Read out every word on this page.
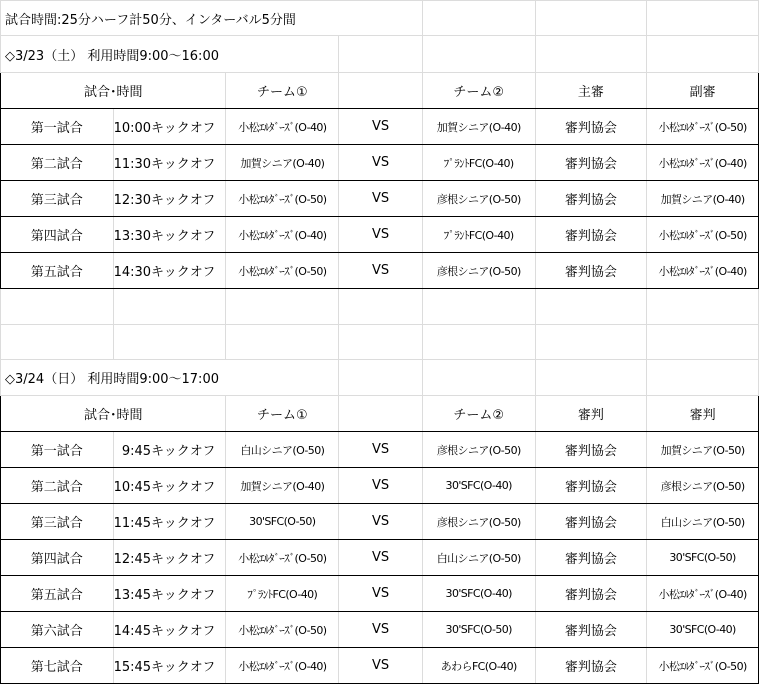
試合時間:25分ハーフ計50分、インターバル5分間						
◇3/23（土） 利用時間9:00～16:00						
試合･時間		チーム①		チーム②	主審	副審
第一試合	10:00キックオフ	小松ｴﾙﾀﾞｰｽﾞ(O-40)	VS	加賀シニア(O-40)	審判協会	小松ｴﾙﾀﾞｰｽﾞ(O-50)
第二試合	11:30キックオフ	加賀シニア(O-40)	VS	ﾌﾟﾗﾝﾄFC(O-40)	審判協会	小松ｴﾙﾀﾞｰｽﾞ(O-40)
第三試合	12:30キックオフ	小松ｴﾙﾀﾞｰｽﾞ(O-50)	VS	彦根シニア(O-50)	審判協会	加賀シニア(O-40)
第四試合	13:30キックオフ	小松ｴﾙﾀﾞｰｽﾞ(O-40)	VS	ﾌﾟﾗﾝﾄFC(O-40)	審判協会	小松ｴﾙﾀﾞｰｽﾞ(O-50)
第五試合	14:30キックオフ	小松ｴﾙﾀﾞｰｽﾞ(O-50)	VS	彦根シニア(O-50)	審判協会	小松ｴﾙﾀﾞｰｽﾞ(O-40)

◇3/24（日） 利用時間9:00～17:00						
試合･時間		チーム①		チーム②	審判	審判
第一試合	9:45キックオフ	白山シニア(O-50)	VS	彦根シニア(O-50)	審判協会	加賀シニア(O-50)
第二試合	10:45キックオフ	加賀シニア(O-40)	VS	30'SFC(O-40)	審判協会	彦根シニア(O-50)
第三試合	11:45キックオフ	30'SFC(O-50)	VS	彦根シニア(O-50)	審判協会	白山シニア(O-50)
第四試合	12:45キックオフ	小松ｴﾙﾀﾞｰｽﾞ(O-50)	VS	白山シニア(O-50)	審判協会	30'SFC(O-50)
第五試合	13:45キックオフ	ﾌﾟﾗﾝﾄFC(O-40)	VS	30'SFC(O-40)	審判協会	小松ｴﾙﾀﾞｰｽﾞ(O-40)
第六試合	14:45キックオフ	小松ｴﾙﾀﾞｰｽﾞ(O-50)	VS	30'SFC(O-50)	審判協会	30'SFC(O-40)
第七試合	15:45キックオフ	小松ｴﾙﾀﾞｰｽﾞ(O-40)	VS	あわらFC(O-40)	審判協会	小松ｴﾙﾀﾞｰｽﾞ(O-50)
